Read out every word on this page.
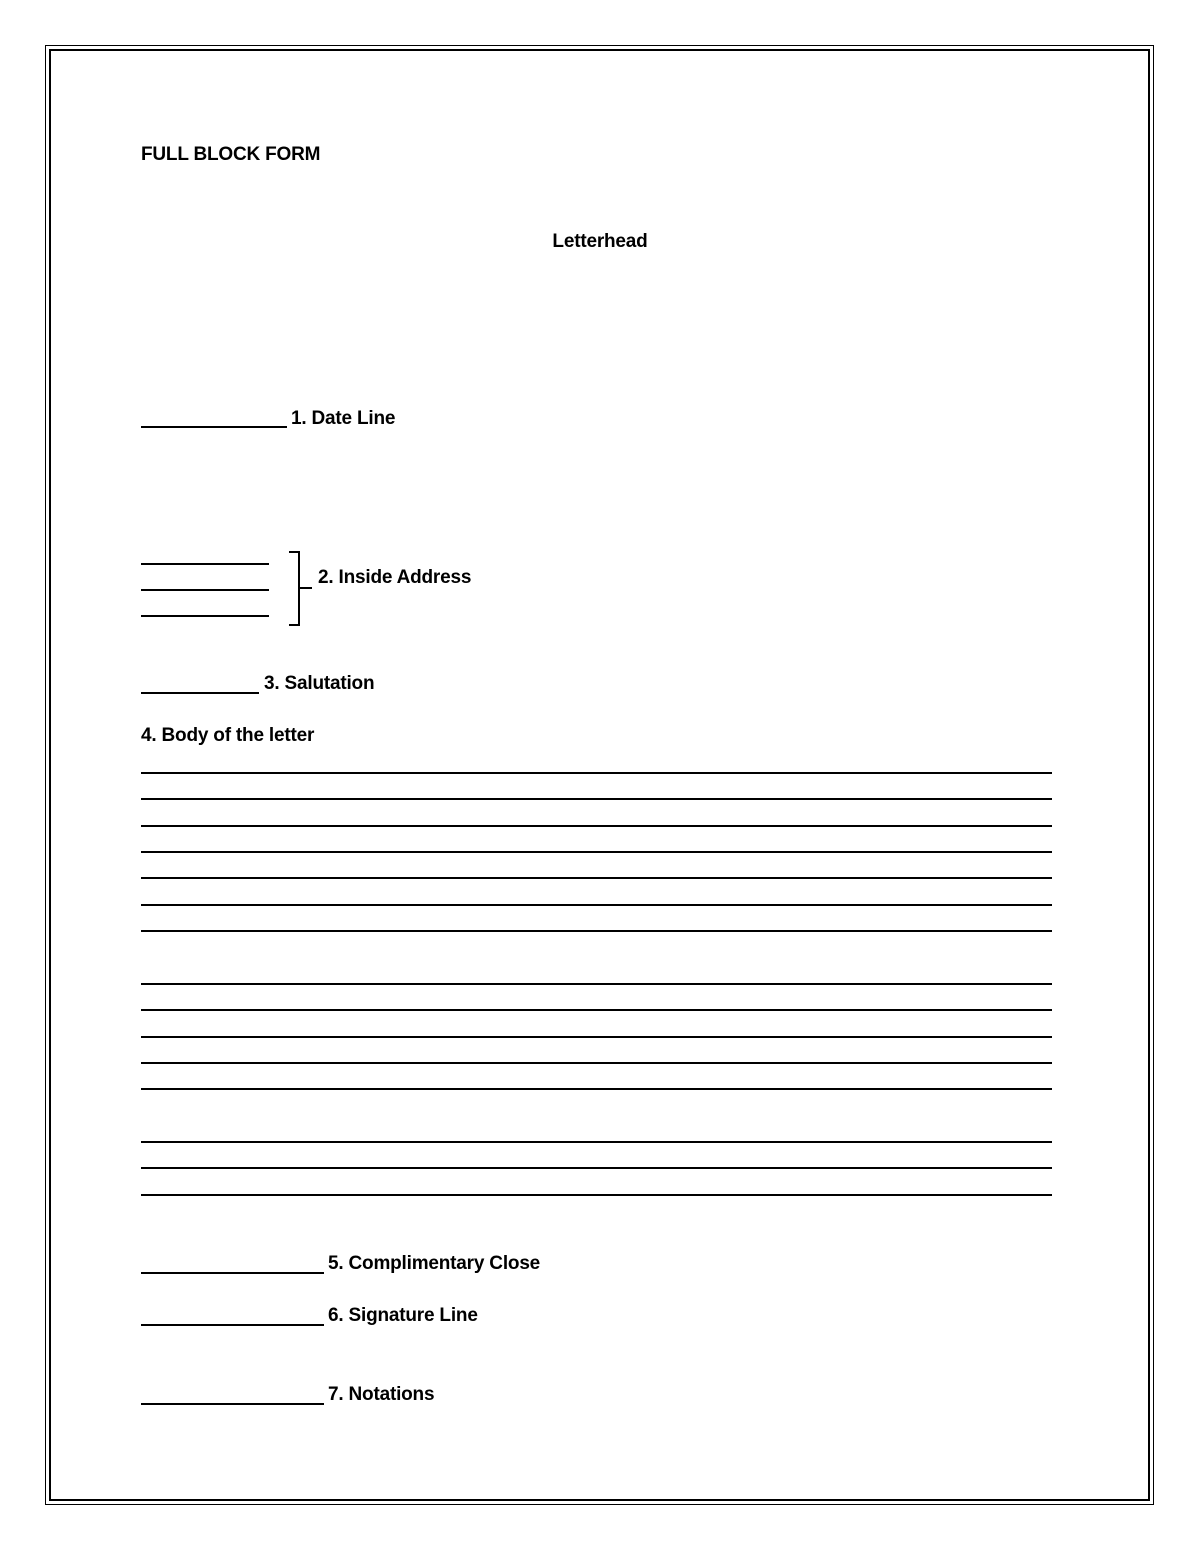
FULL BLOCK FORM
Letterhead
1. Date Line
2. Inside Address
3. Salutation
4. Body of the letter
5. Complimentary Close
6. Signature Line
7. Notations
